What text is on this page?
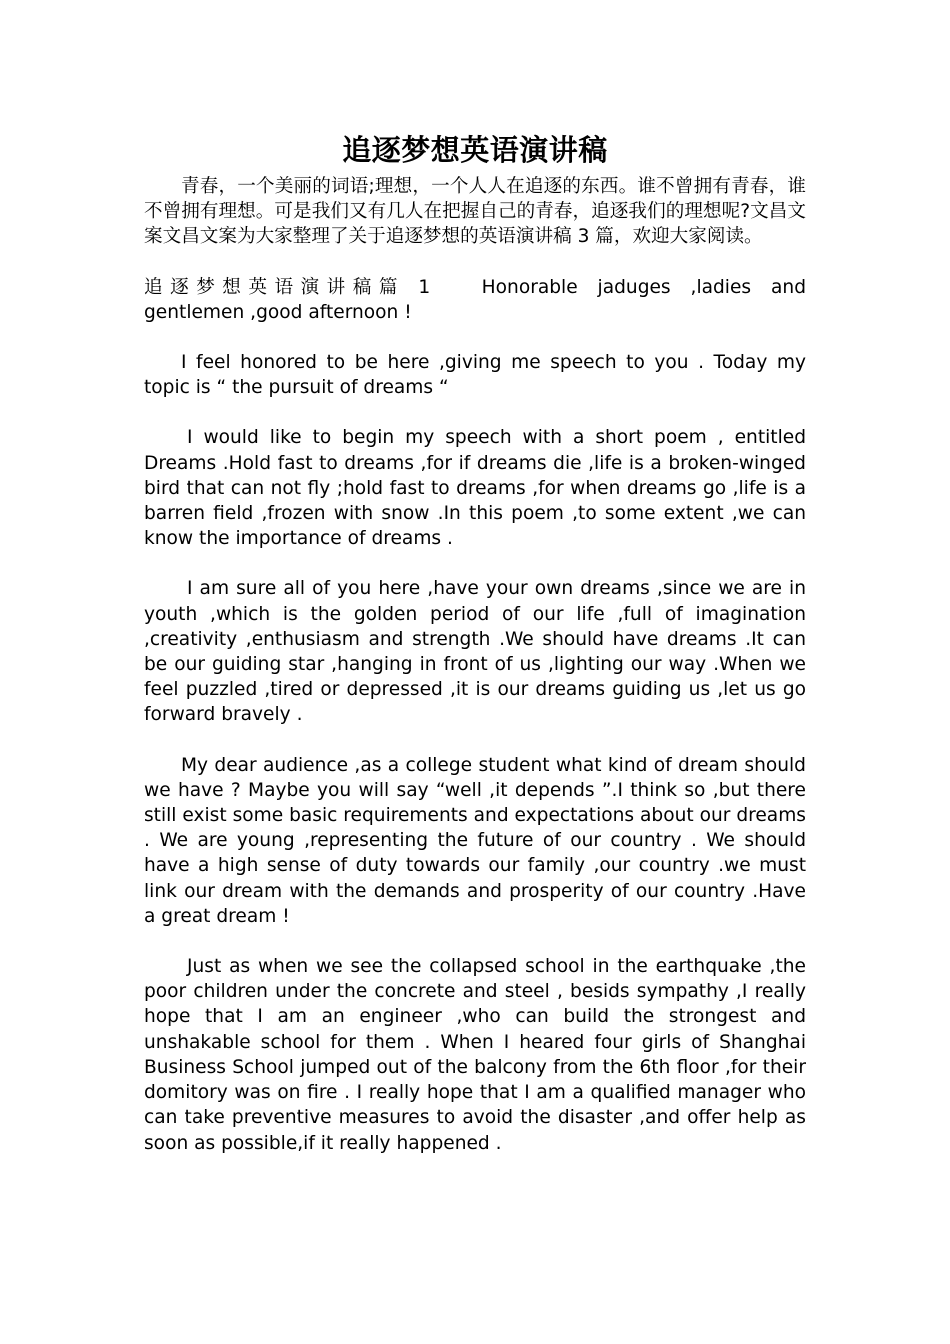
追逐梦想英语演讲稿

青春，一个美丽的词语;理想，一个人人在追逐的东西。谁不曾拥有青春，谁不曾拥有理想。可是我们又有几人在把握自己的青春，追逐我们的理想呢?文昌文案文昌文案为大家整理了关于追逐梦想的英语演讲稿 3 篇，欢迎大家阅读。

追逐梦想英语演讲稿篇 1 Honorable jaduges ,ladies and

gentlemen ,good afternoon !

I feel honored to be here ,giving me speech to you . Today my topic is “ the pursuit of dreams “

I would like to begin my speech with a short poem , entitled Dreams .Hold fast to dreams ,for if dreams die ,life is a broken-winged bird that can not fly ;hold fast to dreams ,for when dreams go ,life is a barren field ,frozen with snow .In this poem ,to some extent ,we can know the importance of dreams .

I am sure all of you here ,have your own dreams ,since we are in youth ,which is the golden period of our life ,full of imagination ,creativity ,enthusiasm and strength .We should have dreams .It can be our guiding star ,hanging in front of us ,lighting our way .When we feel puzzled ,tired or depressed ,it is our dreams guiding us ,let us go forward bravely .

My dear audience ,as a college student what kind of dream should we have ? Maybe you will say “well ,it depends ”.I think so ,but there still exist some basic requirements and expectations about our dreams . We are young ,representing the future of our country . We should have a high sense of duty towards our family ,our country .we must link our dream with the demands and prosperity of our country .Have a great dream !

Just as when we see the collapsed school in the earthquake ,the poor children under the concrete and steel , besids sympathy ,I really hope that I am an engineer ,who can build the strongest and unshakable school for them . When I heared four girls of Shanghai Business School jumped out of the balcony from the 6th floor ,for their domitory was on fire . I really hope that I am a qualified manager who can take preventive measures to avoid the disaster ,and offer help as soon as possible,if it really happened .
